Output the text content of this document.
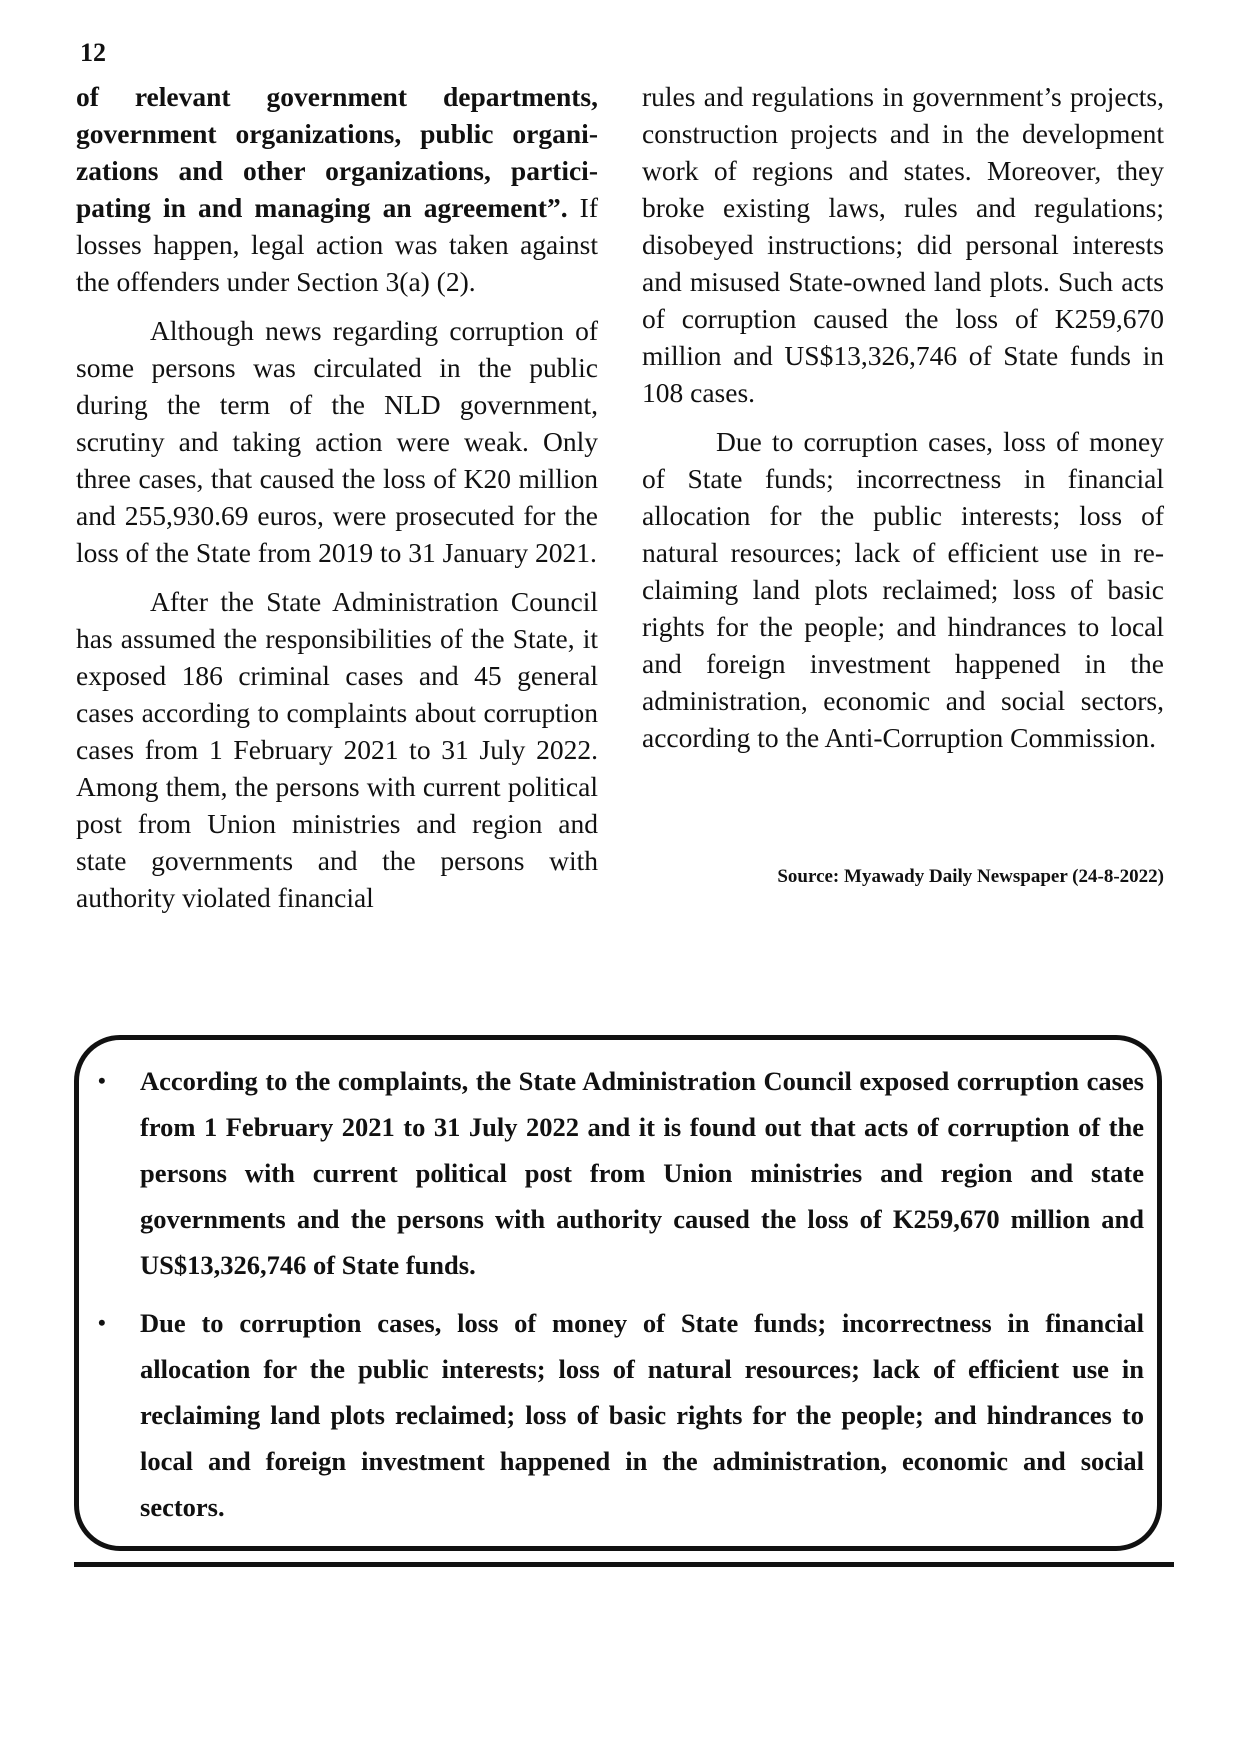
12

of relevant government departments, government organizations, public organizations and other organizations, participating in and managing an agreement”. If losses happen, legal action was taken against the offenders under Section 3(a) (2).

Although news regarding corruption of some persons was circulated in the public during the term of the NLD government, scrutiny and taking action were weak. Only three cases, that caused the loss of K20 million and 255,930.69 euros, were prosecuted for the loss of the State from 2019 to 31 January 2021.

After the State Administration Council has assumed the responsibilities of the State, it exposed 186 criminal cases and 45 general cases according to complaints about corruption cases from 1 February 2021 to 31 July 2022. Among them, the persons with current political post from Union ministries and region and state governments and the persons with authority violated financial

rules and regulations in government’s projects, construction projects and in the development work of regions and states. Moreover, they broke existing laws, rules and regulations; disobeyed instructions; did personal interests and misused State-owned land plots. Such acts of corruption caused the loss of K259,670 million and US$13,326,746 of State funds in 108 cases.

Due to corruption cases, loss of money of State funds; incorrectness in financial allocation for the public interests; loss of natural resources; lack of efficient use in reclaiming land plots reclaimed; loss of basic rights for the people; and hindrances to local and foreign investment happened in the administration, economic and social sectors, according to the Anti-Corruption Commission.

Source: Myawady Daily Newspaper (24-8-2022)
• According to the complaints, the State Administration Council exposed corruption cases from 1 February 2021 to 31 July 2022 and it is found out that acts of corruption of the persons with current political post from Union ministries and region and state governments and the persons with authority caused the loss of K259,670 million and US$13,326,746 of State funds.
• Due to corruption cases, loss of money of State funds; incorrectness in financial allocation for the public interests; loss of natural resources; lack of efficient use in reclaiming land plots reclaimed; loss of basic rights for the people; and hindrances to local and foreign investment happened in the administration, economic and social sectors.
